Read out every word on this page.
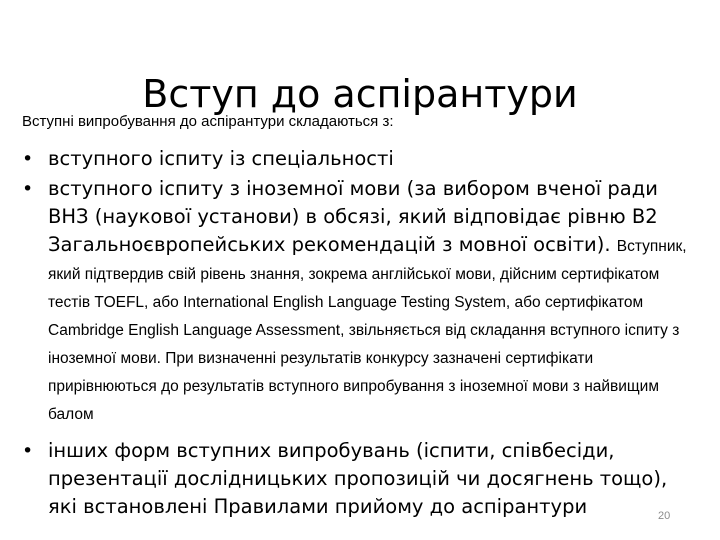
Вступ до аспірантури
Вступні випробування до аспірантури складаються з:
• вступного іспиту із спеціальності
• вступного іспиту з іноземної мови (за вибором вченої ради ВНЗ (наукової установи) в обсязі, який відповідає рівню В2 Загальноєвропейських рекомендацій з мовної освіти). Вступник, який підтвердив свій рівень знання, зокрема англійської мови, дійсним сертифікатом тестів TOEFL, або International English Language Testing System, або сертифікатом Cambridge English Language Assessment, звільняється від складання вступного іспиту з іноземної мови. При визначенні результатів конкурсу зазначені сертифікати прирівнюються до результатів вступного випробування з іноземної мови з найвищим балом
• інших форм вступних випробувань (іспити, співбесіди, презентації дослідницьких пропозицій чи досягнень тощо), які встановлені Правилами прийому до аспірантури	20
